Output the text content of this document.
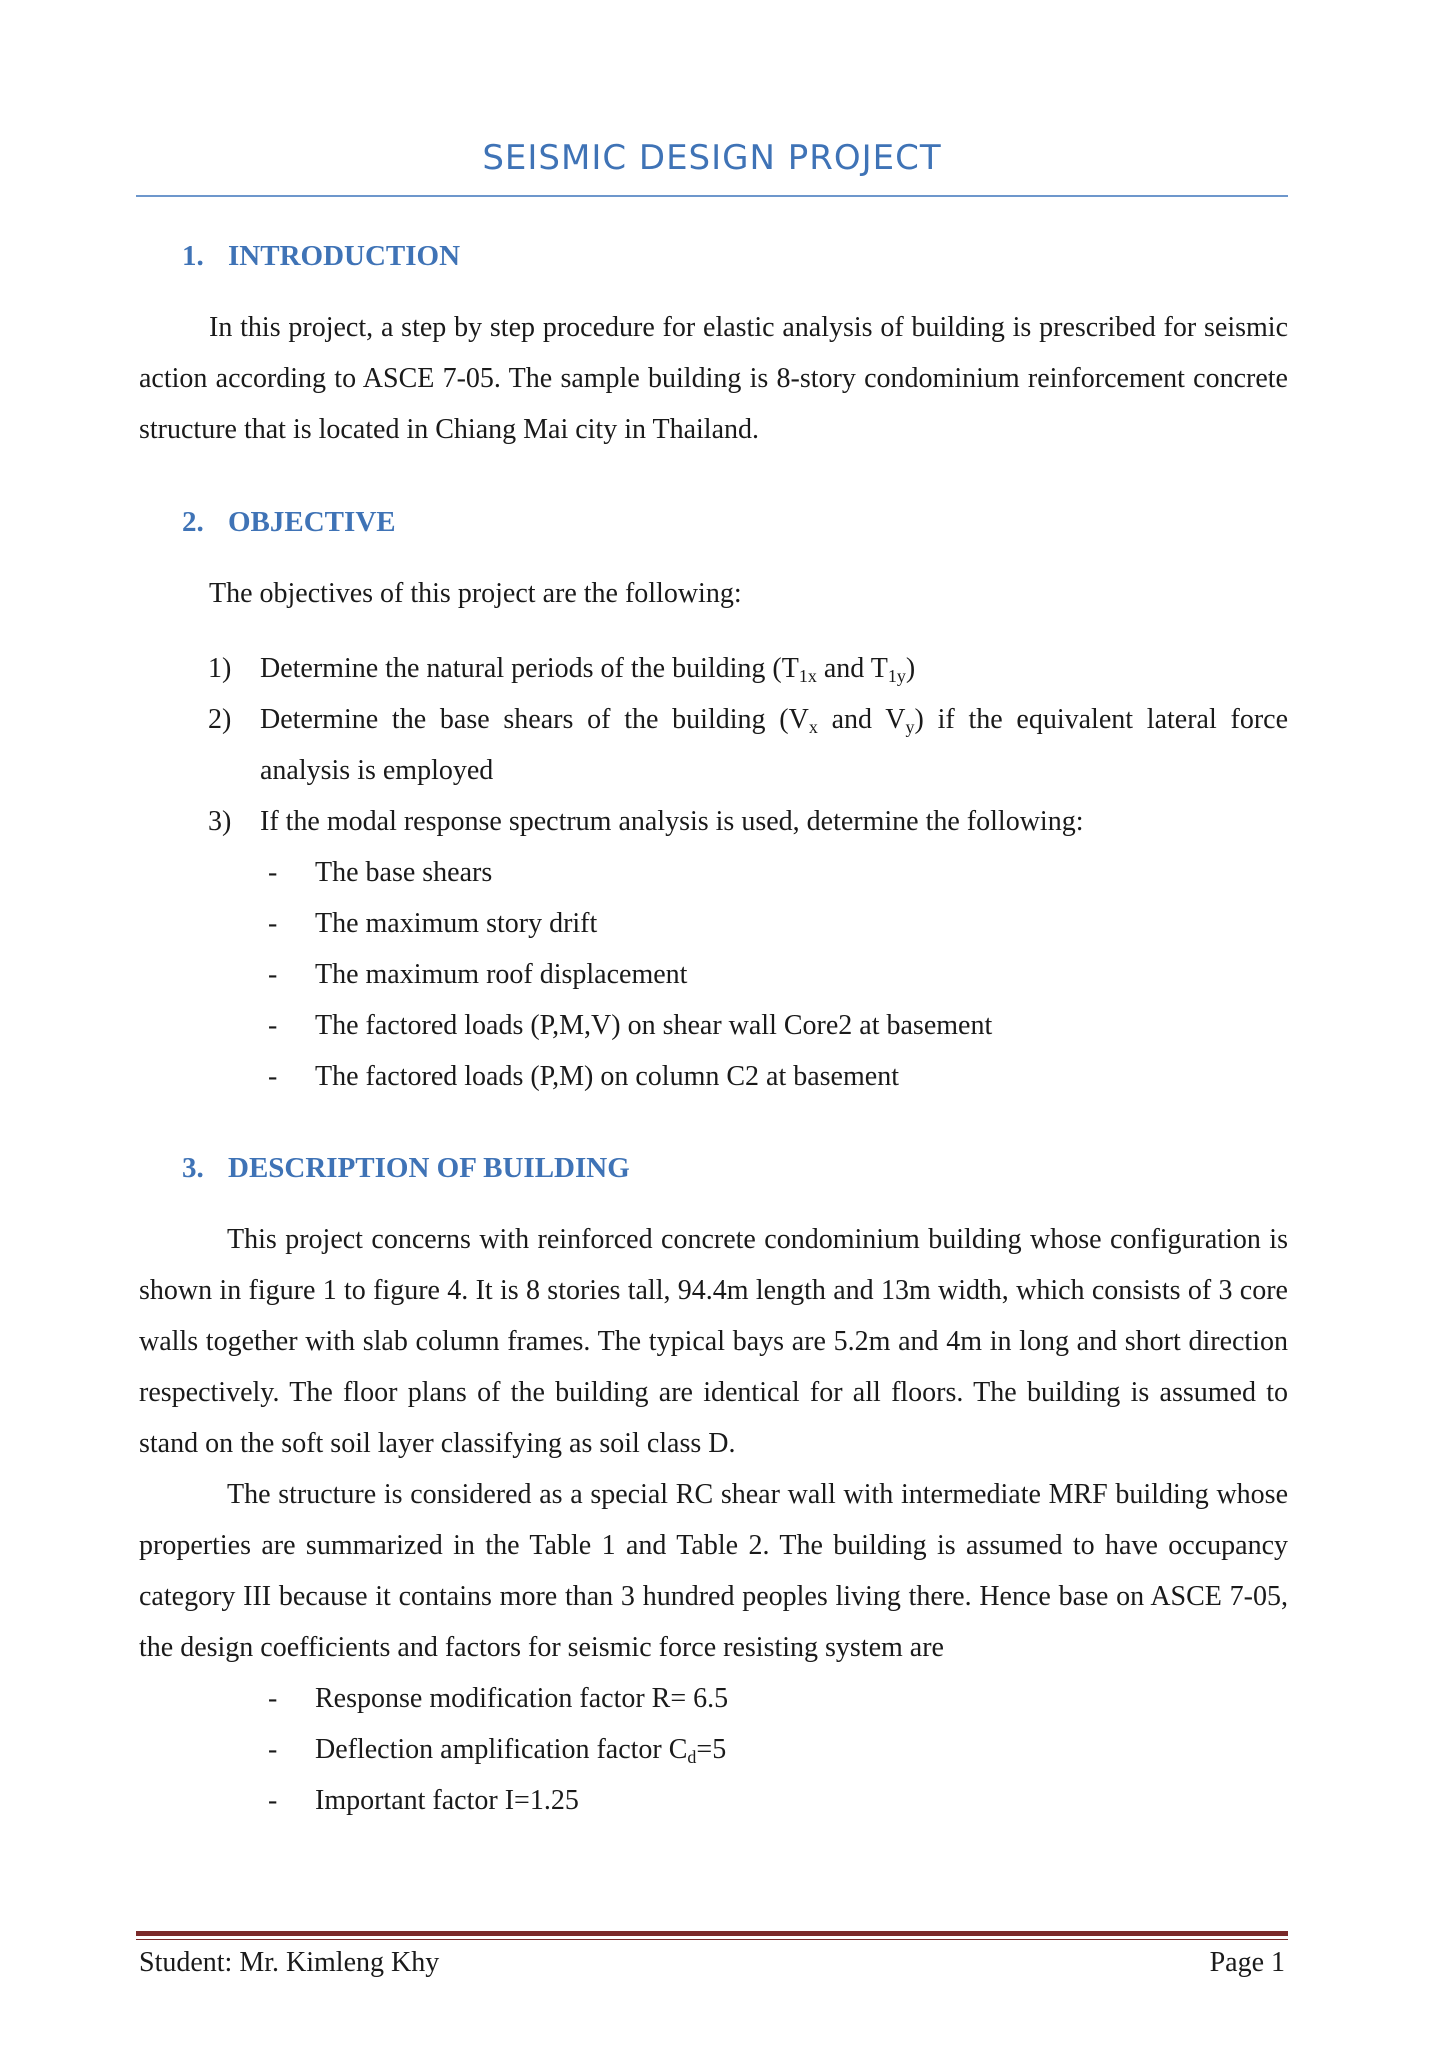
SEISMIC DESIGN PROJECT
1. INTRODUCTION

In this project, a step by step procedure for elastic analysis of building is prescribed for seismic action according to ASCE 7-05. The sample building is 8-story condominium reinforcement concrete structure that is located in Chiang Mai city in Thailand.

2. OBJECTIVE
The objectives of this project are the following:
1) Determine the natural periods of the building ($T_{1x}$ and $T_{1y}$)
2) Determine the base shears of the building ($V_x$ and $V_y$) if the equivalent lateral force analysis is employed
3) If the modal response spectrum analysis is used, determine the following:
- The base shears
- The maximum story drift
- The maximum roof displacement
- The factored loads (P,M,V) on shear wall Core2 at basement
- The factored loads (P,M) on column C2 at basement
3. DESCRIPTION OF BUILDING

This project concerns with reinforced concrete condominium building whose configuration is shown in figure 1 to figure 4. It is 8 stories tall, 94.4m length and 13m width, which consists of 3 core walls together with slab column frames. The typical bays are 5.2m and 4m in long and short direction respectively. The floor plans of the building are identical for all floors. The building is assumed to stand on the soft soil layer classifying as soil class D.

The structure is considered as a special RC shear wall with intermediate MRF building whose properties are summarized in the Table 1 and Table 2. The building is assumed to have occupancy category III because it contains more than 3 hundred peoples living there. Hence base on ASCE 7-05, the design coefficients and factors for seismic force resisting system are

- Response modification factor R= 6.5
- Deflection amplification factor $C_d=5$
- Important factor I=1.25
Student: Mr. Kimleng Khy	Page 1
